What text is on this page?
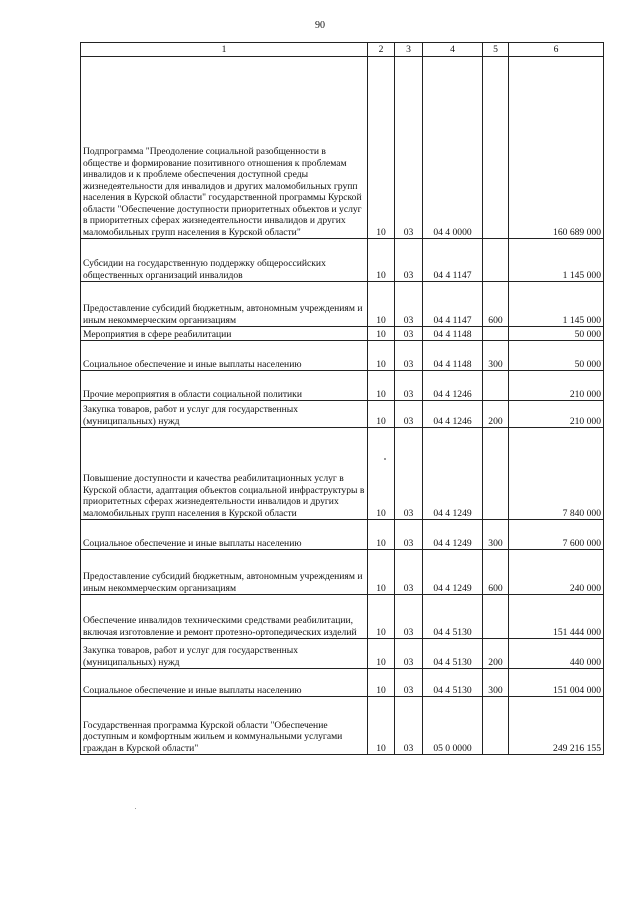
90
1	2	3	4	5	6
Подпрограмма "Преодоление социальной разобщенности в обществе и формирование позитивного отношения к проблемам инвалидов и к проблеме обеспечения доступной среды жизнедеятельности для инвалидов и других маломобильных групп населения в Курской области" государственной программы Курской области "Обеспечение доступности приоритетных объектов и услуг в приоритетных сферах жизнедеятельности инвалидов и других маломобильных групп населения в Курской области"	10	03	04 4 0000		160 689 000
Субсидии на государственную поддержку общероссийских общественных организаций инвалидов	10	03	04 4 1147		1 145 000
Предоставление субсидий бюджетным, автономным учреждениям и иным некоммерческим организациям	10	03	04 4 1147	600	1 145 000
Мероприятия в сфере реабилитации	10	03	04 4 1148		50 000
Социальное обеспечение и иные выплаты населению	10	03	04 4 1148	300	50 000
Прочие мероприятия в области социальной политики	10	03	04 4 1246		210 000
Закупка товаров, работ и услуг для государственных (муниципальных) нужд	10	03	04 4 1246	200	210 000
Повышение доступности и качества реабилитационных услуг в Курской области, адаптация объектов социальной инфраструктуры в приоритетных сферах жизнедеятельности инвалидов и других маломобильных групп населения в Курской области	10	03	04 4 1249		7 840 000
Социальное обеспечение и иные выплаты населению	10	03	04 4 1249	300	7 600 000
Предоставление субсидий бюджетным, автономным учреждениям и иным некоммерческим организациям	10	03	04 4 1249	600	240 000
Обеспечение инвалидов техническими средствами реабилитации, включая изготовление и ремонт протезно-ортопедических изделий	10	03	04 4 5130		151 444 000
Закупка товаров, работ и услуг для государственных (муниципальных) нужд	10	03	04 4 5130	200	440 000
Социальное обеспечение и иные выплаты населению	10	03	04 4 5130	300	151 004 000
Государственная программа Курской области "Обеспечение доступным и комфортным жильем и коммунальными услугами граждан в Курской области"	10	03	05 0 0000		249 216 155
